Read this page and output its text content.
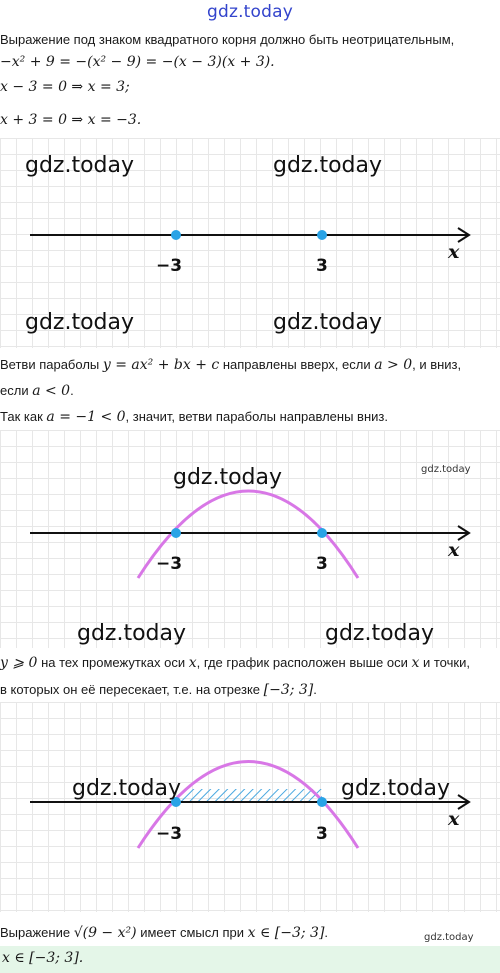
gdz.today
Выражение под знаком квадратного корня должно быть неотрицательным,
−x² + 9 = −(x² − 9) = −(x − 3)(x + 3).
x − 3 = 0 ⇒ x = 3;
x + 3 = 0 ⇒ x = −3.
gdz.today	gdz.today
gdz.today	gdz.today
−3	3
x
Ветви параболы y = ax² + bx + c направлены вверх, если a > 0, и вниз,
если a < 0.
Так как a = −1 < 0, значит, ветви параболы направлены вниз.
gdz.today	gdz.today
gdz.today	gdz.today
−3	3
x
y ⩾ 0 на тех промежутках оси x, где график расположен выше оси x и точки,
в которых он её пересекает, т.е. на отрезке [−3; 3].
gdz.today	gdz.today
−3	3
x
Выражение √(9 − x²) имеет смысл при x ∈ [−3; 3].	gdz.today
x ∈ [−3; 3].
